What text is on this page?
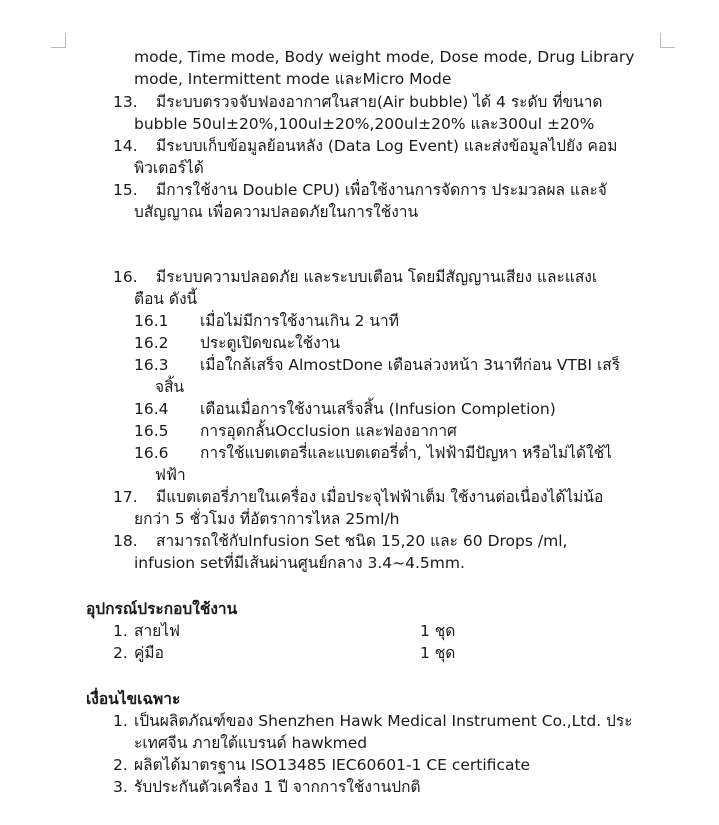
mode, Time mode, Body weight mode, Dose mode, Drug Library
mode, Intermittent mode และMicro Mode
13. มีระบบตรวจจับฟองอากาศในสาย(Air bubble) ได้ 4 ระดับ ที่ขนาด
bubble 50ul±20%,100ul±20%,200ul±20% และ300ul ±20%
14. มีระบบเก็บข้อมูลย้อนหลัง (Data Log Event) และส่งข้อมูลไปยัง คอม
พิวเตอร์ได้
15. มีการใช้งาน Double CPU) เพื่อใช้งานการจัดการ ประมวลผล และจั
บสัญญาณ เพื่อความปลอดภัยในการใช้งาน
16. มีระบบความปลอดภัย และระบบเตือน โดยมีสัญญานเสียง และแสงเ
ตือน ดังนี้
16.1 เมื่อไม่มีการใช้งานเกิน 2 นาที
16.2 ประตูเปิดขณะใช้งาน
16.3 เมื่อใกล้เสร็จ AlmostDone เตือนล่วงหน้า 3นาทีก่อน VTBI เสร็
จสิ้น
16.4 เตือนเมื่อการใช้งานเสร็จสิ้น (Infusion Completion)
16.5 การอุดกลั้นOcclusion และฟองอากาศ
16.6 การใช้แบตเตอรี่และแบตเตอรี่ต่ำ, ไฟฟ้ามีปัญหา หรือไม่ได้ใช้ไ
ฟฟ้า
17. มีแบตเตอรี่ภายในเครื่อง เมื่อประจุไฟฟ้าเต็ม ใช้งานต่อเนื่องได้ไม่น้อ
ยกว่า 5 ชั่วโมง ที่อัตราการไหล 25ml/h
18. สามารถใช้กับInfusion Set ชนิด 15,20 และ 60 Drops /ml,
infusion setที่มีเส้นผ่านศูนย์กลาง 3.4~4.5mm.
อุปกรณ์ประกอบใช้งาน
1. สายไฟ	1 ชุด
2. คู่มือ	1 ชุด
เงื่อนไขเฉพาะ
1. เป็นผลิตภัณฑ์ของ Shenzhen Hawk Medical Instrument Co.,Ltd. ประ
ะเทศจีน ภายใต้แบรนด์ hawkmed
2. ผลิตได้มาตรฐาน ISO13485 IEC60601-1 CE certificate
3. รับประกันตัวเครื่อง 1 ปี จากการใช้งานปกติ
